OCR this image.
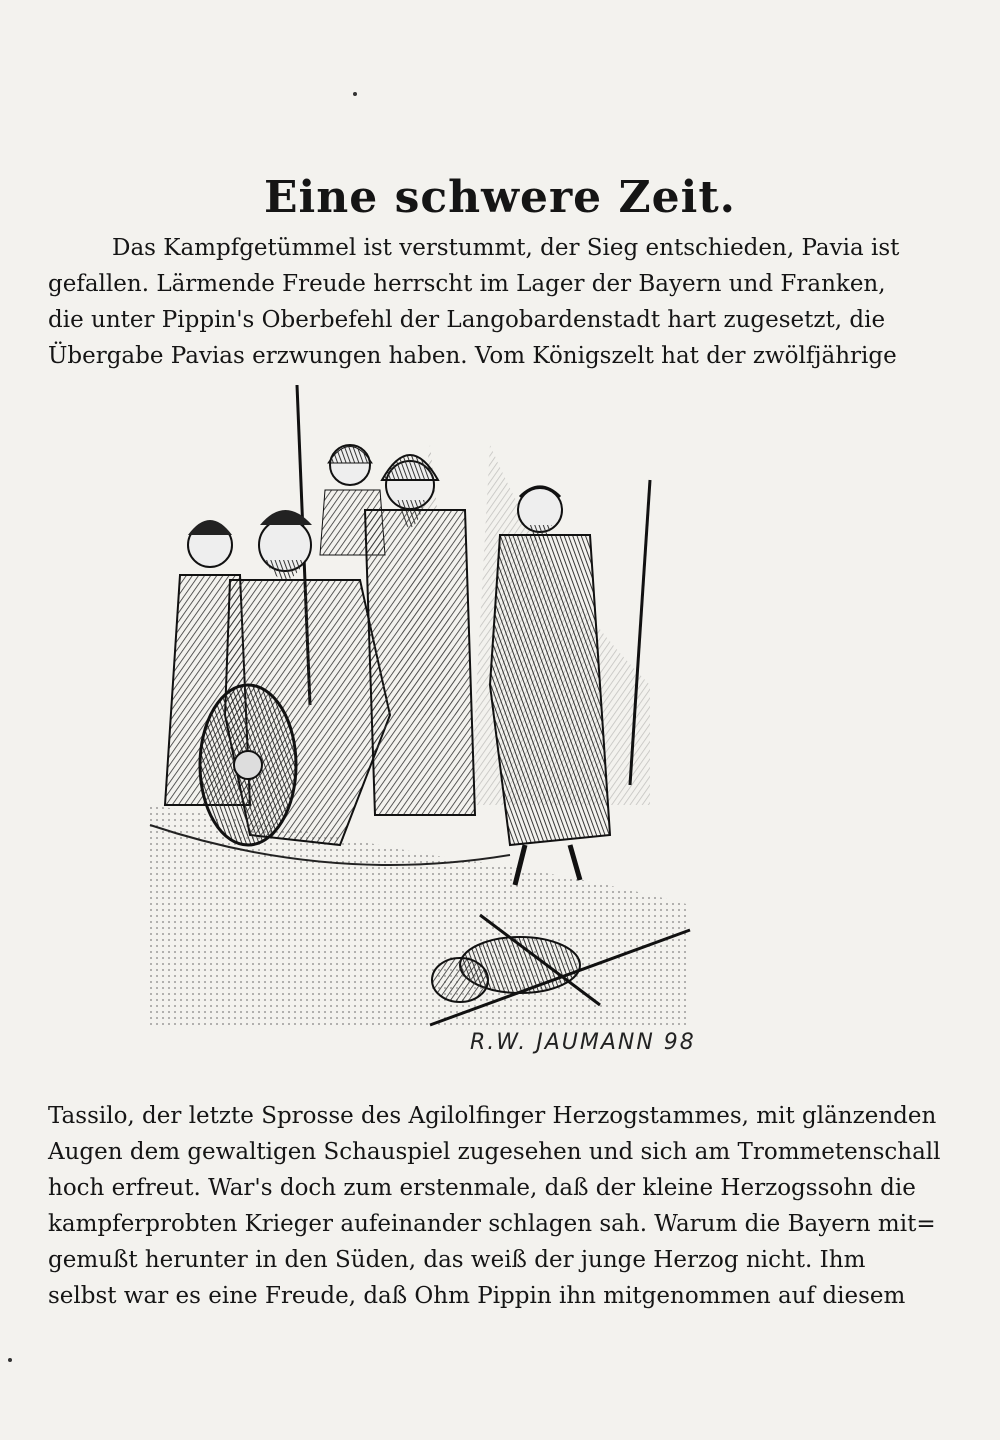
Eine schwere Zeit.
Das Kampfgetümmel ist verstummt, der Sieg entschieden, Pavia ist
gefallen. Lärmende Freude herrscht im Lager der Bayern und Franken,
die unter Pippin's Oberbefehl der Langobardenstadt hart zugesetzt, die
Übergabe Pavias erzwungen haben. Vom Königszelt hat der zwölfjährige
R.W. JAUMANN 98
Tassilo, der letzte Sprosse des Agilolfinger Herzogstammes, mit glänzenden
Augen dem gewaltigen Schauspiel zugesehen und sich am Trommetenschall
hoch erfreut. War's doch zum erstenmale, daß der kleine Herzogssohn die
kampferprobten Krieger aufeinander schlagen sah. Warum die Bayern mit=
gemußt herunter in den Süden, das weiß der junge Herzog nicht. Ihm
selbst war es eine Freude, daß Ohm Pippin ihn mitgenommen auf diesem
